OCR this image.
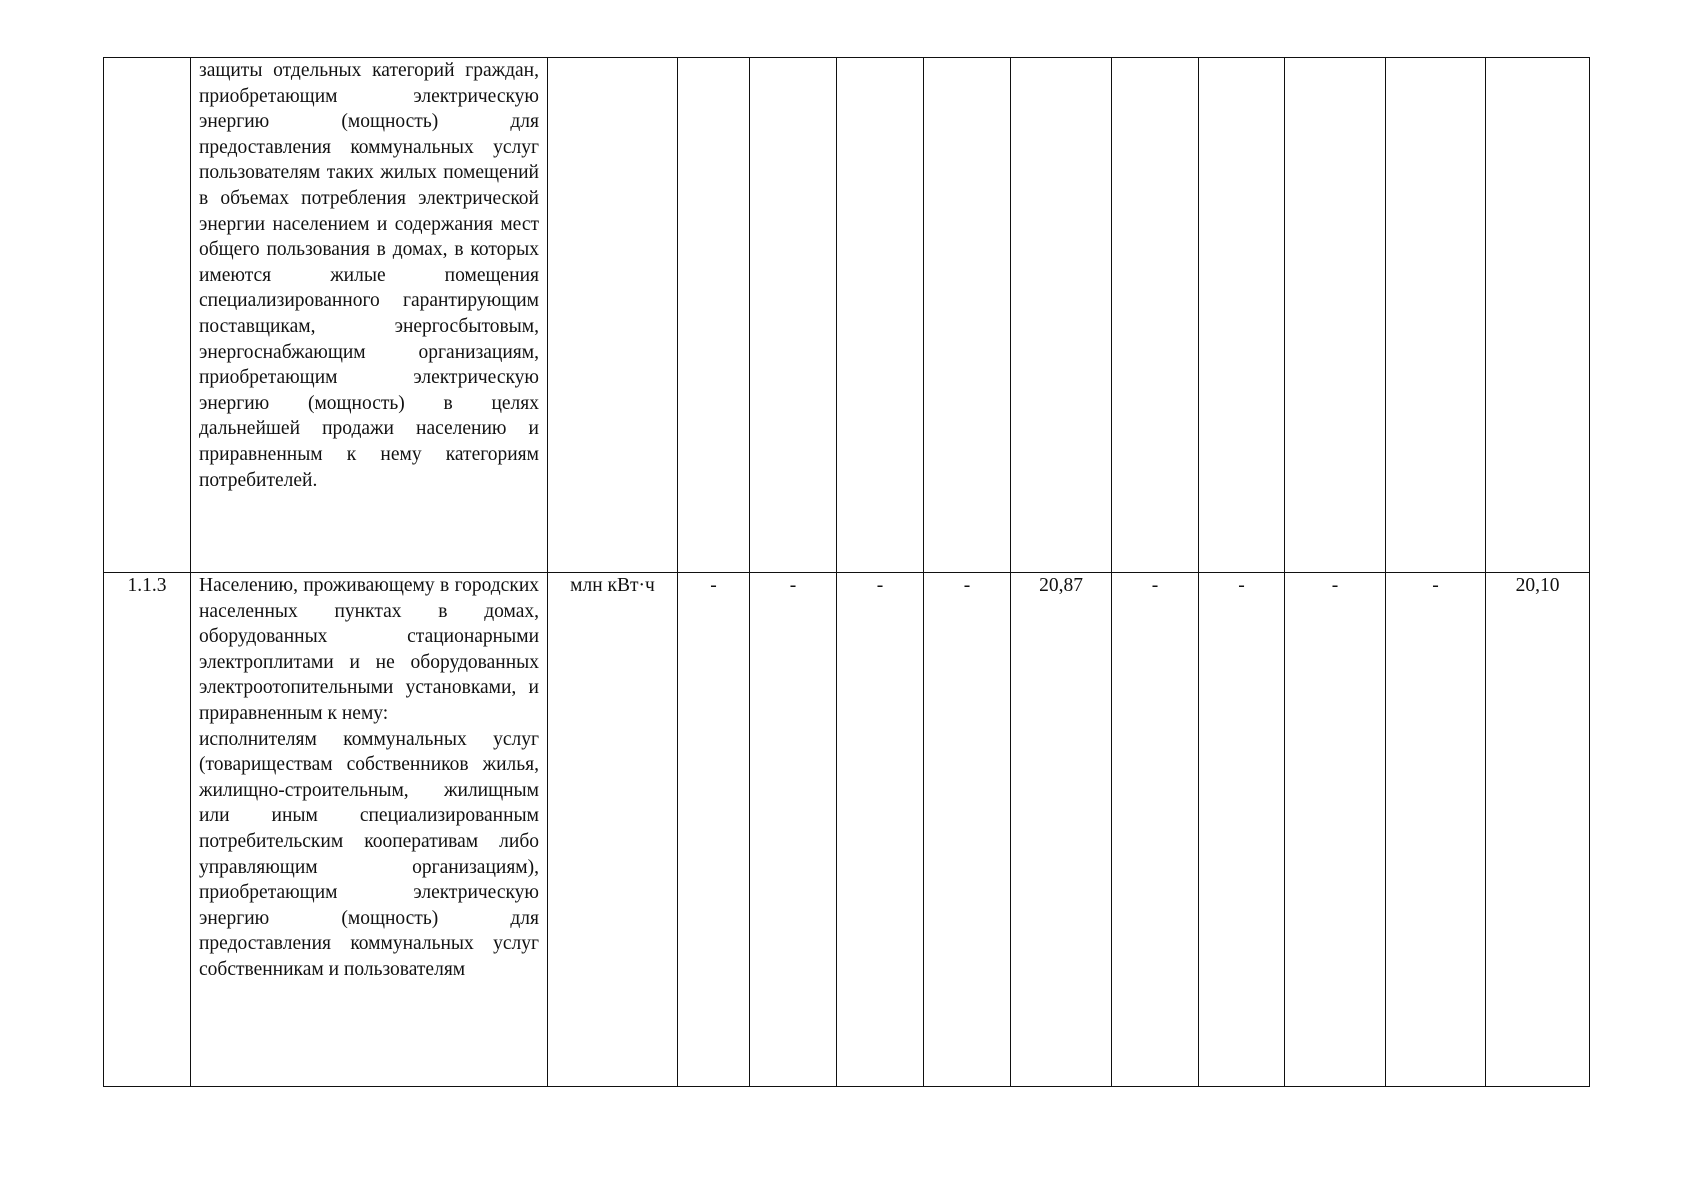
	защиты отдельных категорий граждан, приобретающим электрическую энергию (мощность) для предоставления коммунальных услуг пользователям таких жилых помещений в объемах потребления электрической энергии населением и содержания мест общего пользования в домах, в которых имеются жилые помещения специализированного гарантирующим поставщикам, энергосбытовым, энергоснабжающим организациям, приобретающим электрическую энергию (мощность) в целях дальнейшей продажи населению и приравненным к нему категориям потребителей.											

1.1.3	Населению, проживающему в городских населенных пунктах в домах, оборудованных стационарными электроплитами и не оборудованных электроотопительными установками, и приравненным к нему:

исполнителям коммунальных услуг (товариществам собственников жилья, жилищно-строительным, жилищным или иным специализированным потребительским кооперативам либо управляющим организациям), приобретающим электрическую энергию (мощность) для предоставления коммунальных услуг собственникам и пользователям	млн кВт·ч	-	-	-	-	20,87	-	-	-	-	20,10
